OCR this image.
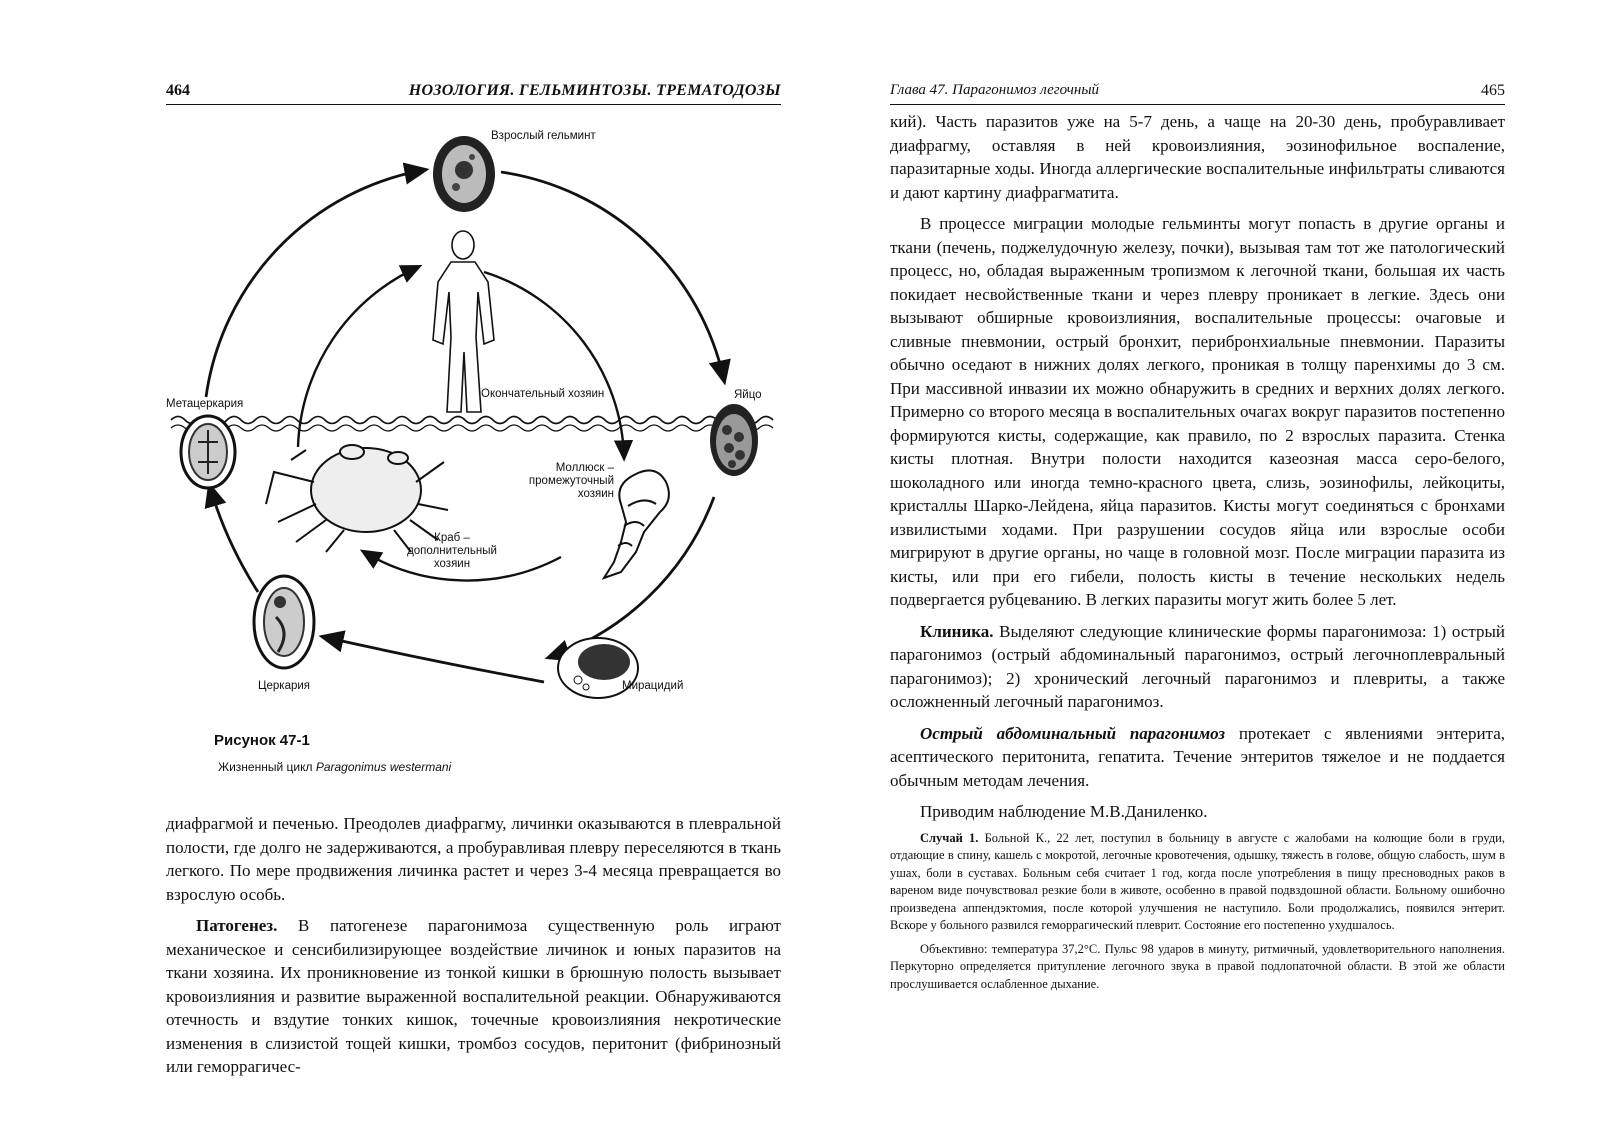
464	НОЗОЛОГИЯ. ГЕЛЬМИНТОЗЫ. ТРЕМАТОДОЗЫ
Взрослый гельминт
Окончательный хозяин	Яйцо
Метацеркария
Моллюск –
промежуточный
хозяин
Краб –
дополнительный
хозяин
Церкария	Мирацидий
Рисунок 47-1
Жизненный цикл Paragonimus westermani

диафрагмой и печенью. Преодолев диафрагму, личинки оказываются в плевральной полости, где долго не задерживаются, а пробуравливая плевру переселяются в ткань легкого. По мере продвижения личинка растет и через 3-4 месяца превращается во взрослую особь.

Патогенез. В патогенезе парагонимоза существенную роль играют механическое и сенсибилизирующее воздействие личинок и юных паразитов на ткани хозяина. Их проникновение из тонкой кишки в брюшную полость вызывает кровоизлияния и развитие выраженной воспалительной реакции. Обнаруживаются отечность и вздутие тонких кишок, точечные кровоизлияния некротические изменения в слизистой тощей кишки, тромбоз сосудов, перитонит (фибринозный или геморрагичес-

Глава 47. Парагонимоз легочный	465

кий). Часть паразитов уже на 5-7 день, а чаще на 20-30 день, пробуравливает диафрагму, оставляя в ней кровоизлияния, эозинофильное воспаление, паразитарные ходы. Иногда аллергические воспалительные инфильтраты сливаются и дают картину диафрагматита.

В процессе миграции молодые гельминты могут попасть в другие органы и ткани (печень, поджелудочную железу, почки), вызывая там тот же патологический процесс, но, обладая выраженным тропизмом к легочной ткани, большая их часть покидает несвойственные ткани и через плевру проникает в легкие. Здесь они вызывают обширные кровоизлияния, воспалительные процессы: очаговые и сливные пневмонии, острый бронхит, перибронхиальные пневмонии. Паразиты обычно оседают в нижних долях легкого, проникая в толщу паренхимы до 3 см. При массивной инвазии их можно обнаружить в средних и верхних долях легкого. Примерно со второго месяца в воспалительных очагах вокруг паразитов постепенно формируются кисты, содержащие, как правило, по 2 взрослых паразита. Стенка кисты плотная. Внутри полости находится казеозная масса серо-белого, шоколадного или иногда темно-красного цвета, слизь, эозинофилы, лейкоциты, кристаллы Шарко-Лейдена, яйца паразитов. Кисты могут соединяться с бронхами извилистыми ходами. При разрушении сосудов яйца или взрослые особи мигрируют в другие органы, но чаще в головной мозг. После миграции паразита из кисты, или при его гибели, полость кисты в течение нескольких недель подвергается рубцеванию. В легких паразиты могут жить более 5 лет.

Клиника. Выделяют следующие клинические формы парагонимоза: 1) острый парагонимоз (острый абдоминальный парагонимоз, острый легочноплевральный парагонимоз); 2) хронический легочный парагонимоз и плевриты, а также осложненный легочный парагонимоз.

Острый абдоминальный парагонимоз протекает с явлениями энтерита, асептического перитонита, гепатита. Течение энтеритов тяжелое и не поддается обычным методам лечения.

Приводим наблюдение М.В.Даниленко.

Случай 1. Больной К., 22 лет, поступил в больницу в августе с жалобами на колющие боли в груди, отдающие в спину, кашель с мокротой, легочные кровотечения, одышку, тяжесть в голове, общую слабость, шум в ушах, боли в суставах. Больным себя считает 1 год, когда после употребления в пищу пресноводных раков в вареном виде почувствовал резкие боли в животе, особенно в правой подвздошной области. Больному ошибочно произведена аппендэктомия, после которой улучшения не наступило. Боли продолжались, появился энтерит. Вскоре у больного развился геморрагический плеврит. Состояние его постепенно ухудшалось.

Объективно: температура 37,2°С. Пульс 98 ударов в минуту, ритмичный, удовлетворительного наполнения. Перкуторно определяется притупление легочного звука в правой подлопаточной области. В этой же области прослушивается ослабленное дыхание.
